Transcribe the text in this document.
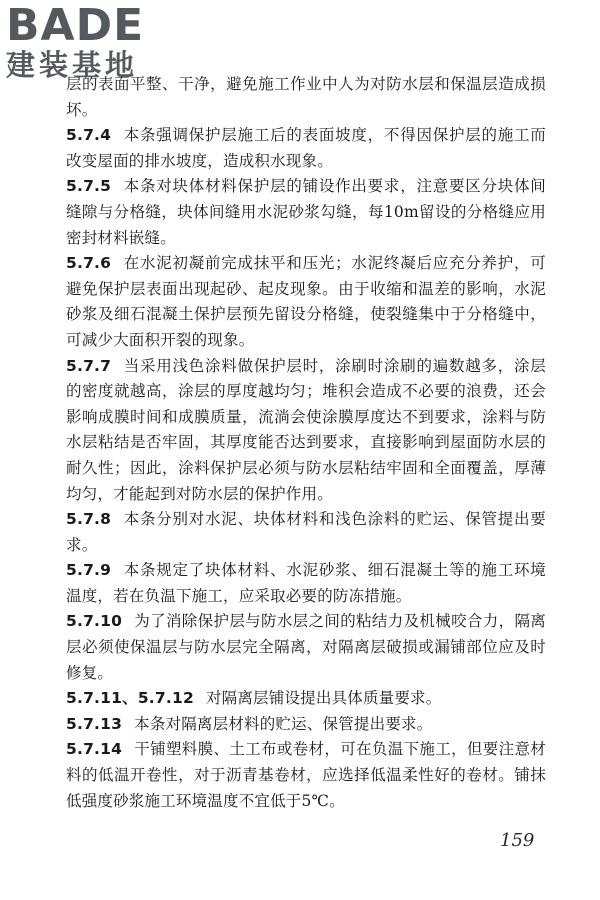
BADE
建装基地

层的表面平整、干净，避免施工作业中人为对防水层和保温层造成损坏。

5.7.4 本条强调保护层施工后的表面坡度，不得因保护层的施工而改变屋面的排水坡度，造成积水现象。

5.7.5 本条对块体材料保护层的铺设作出要求，注意要区分块体间缝隙与分格缝，块体间缝用水泥砂浆勾缝，每10m留设的分格缝应用密封材料嵌缝。

5.7.6 在水泥初凝前完成抹平和压光；水泥终凝后应充分养护，可避免保护层表面出现起砂、起皮现象。由于收缩和温差的影响，水泥砂浆及细石混凝土保护层预先留设分格缝，使裂缝集中于分格缝中，可减少大面积开裂的现象。

5.7.7 当采用浅色涂料做保护层时，涂刷时涂刷的遍数越多，涂层的密度就越高，涂层的厚度越均匀；堆积会造成不必要的浪费，还会影响成膜时间和成膜质量，流淌会使涂膜厚度达不到要求，涂料与防水层粘结是否牢固，其厚度能否达到要求，直接影响到屋面防水层的耐久性；因此，涂料保护层必须与防水层粘结牢固和全面覆盖，厚薄均匀，才能起到对防水层的保护作用。

5.7.8 本条分别对水泥、块体材料和浅色涂料的贮运、保管提出要求。

5.7.9 本条规定了块体材料、水泥砂浆、细石混凝土等的施工环境温度，若在负温下施工，应采取必要的防冻措施。

5.7.10 为了消除保护层与防水层之间的粘结力及机械咬合力，隔离层必须使保温层与防水层完全隔离，对隔离层破损或漏铺部位应及时修复。

5.7.11、5.7.12 对隔离层铺设提出具体质量要求。

5.7.13 本条对隔离层材料的贮运、保管提出要求。

5.7.14 干铺塑料膜、土工布或卷材，可在负温下施工，但要注意材料的低温开卷性，对于沥青基卷材，应选择低温柔性好的卷材。铺抹低强度砂浆施工环境温度不宜低于5℃。

159
